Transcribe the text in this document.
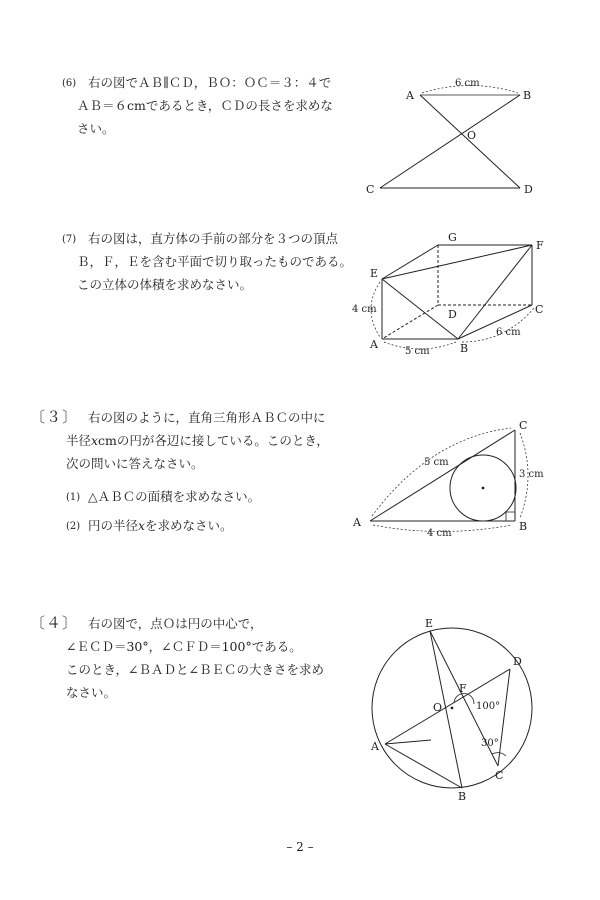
(6) 右の図でＡＢ∥ＣＤ，ＢＯ：ＯＣ＝３：４で
ＡＢ＝６cmであるとき，ＣＤの長さを求めな
さい。
(7) 右の図は，直方体の手前の部分を３つの頂点
Ｂ，Ｆ，Ｅを含む平面で切り取ったものである。
この立体の体積を求めなさい。
〔３〕 右の図のように，直角三角形ＡＢＣの中に
半径𝑥cmの円が各辺に接している。このとき，
次の問いに答えなさい。
(1) △ＡＢＣの面積を求めなさい。
(2) 円の半径𝑥を求めなさい。
〔４〕 右の図で，点Ｏは円の中心で，
∠ＥＣＤ＝30°，∠ＣＦＤ＝100°である。
このとき，∠ＢＡＤと∠ＢＥＣの大きさを求め
なさい。
A	B
C	D
O
6 cm
E
G
F
D	C
A	B
4 cm
5 cm
6 cm
A	B
C
5 cm
3 cm
4 cm
E
D
F
O
A
C
B
100°
30°
– 2 –
